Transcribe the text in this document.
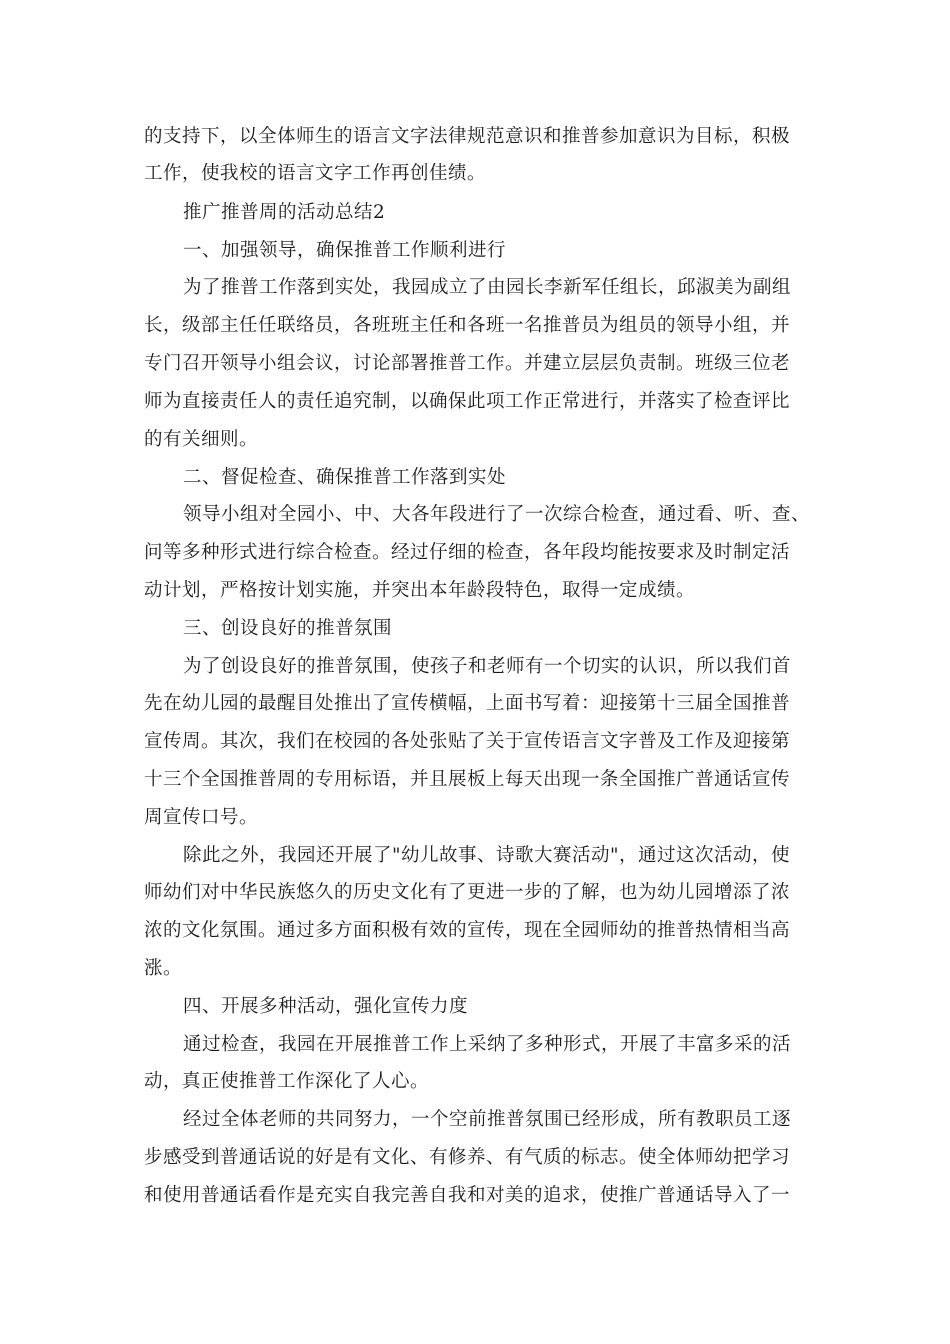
的支持下，以全体师生的语言文字法律规范意识和推普参加意识为目标，积极
工作，使我校的语言文字工作再创佳绩。
推广推普周的活动总结2
一、加强领导，确保推普工作顺利进行
为了推普工作落到实处，我园成立了由园长李新军任组长，邱淑美为副组
长，级部主任任联络员，各班班主任和各班一名推普员为组员的领导小组，并
专门召开领导小组会议，讨论部署推普工作。并建立层层负责制。班级三位老
师为直接责任人的责任追究制，以确保此项工作正常进行，并落实了检查评比
的有关细则。
二、督促检查、确保推普工作落到实处
领导小组对全园小、中、大各年段进行了一次综合检查，通过看、听、查、
问等多种形式进行综合检查。经过仔细的检查，各年段均能按要求及时制定活
动计划，严格按计划实施，并突出本年龄段特色，取得一定成绩。
三、创设良好的推普氛围
为了创设良好的推普氛围，使孩子和老师有一个切实的认识，所以我们首
先在幼儿园的最醒目处推出了宣传横幅，上面书写着：迎接第十三届全国推普
宣传周。其次，我们在校园的各处张贴了关于宣传语言文字普及工作及迎接第
十三个全国推普周的专用标语，并且展板上每天出现一条全国推广普通话宣传
周宣传口号。
除此之外，我园还开展了"幼儿故事、诗歌大赛活动"，通过这次活动，使
师幼们对中华民族悠久的历史文化有了更进一步的了解，也为幼儿园增添了浓
浓的文化氛围。通过多方面积极有效的宣传，现在全园师幼的推普热情相当高
涨。
四、开展多种活动，强化宣传力度
通过检查，我园在开展推普工作上采纳了多种形式，开展了丰富多采的活
动，真正使推普工作深化了人心。
经过全体老师的共同努力，一个空前推普氛围已经形成，所有教职员工逐
步感受到普通话说的好是有文化、有修养、有气质的标志。使全体师幼把学习
和使用普通话看作是充实自我完善自我和对美的追求，使推广普通话导入了一
